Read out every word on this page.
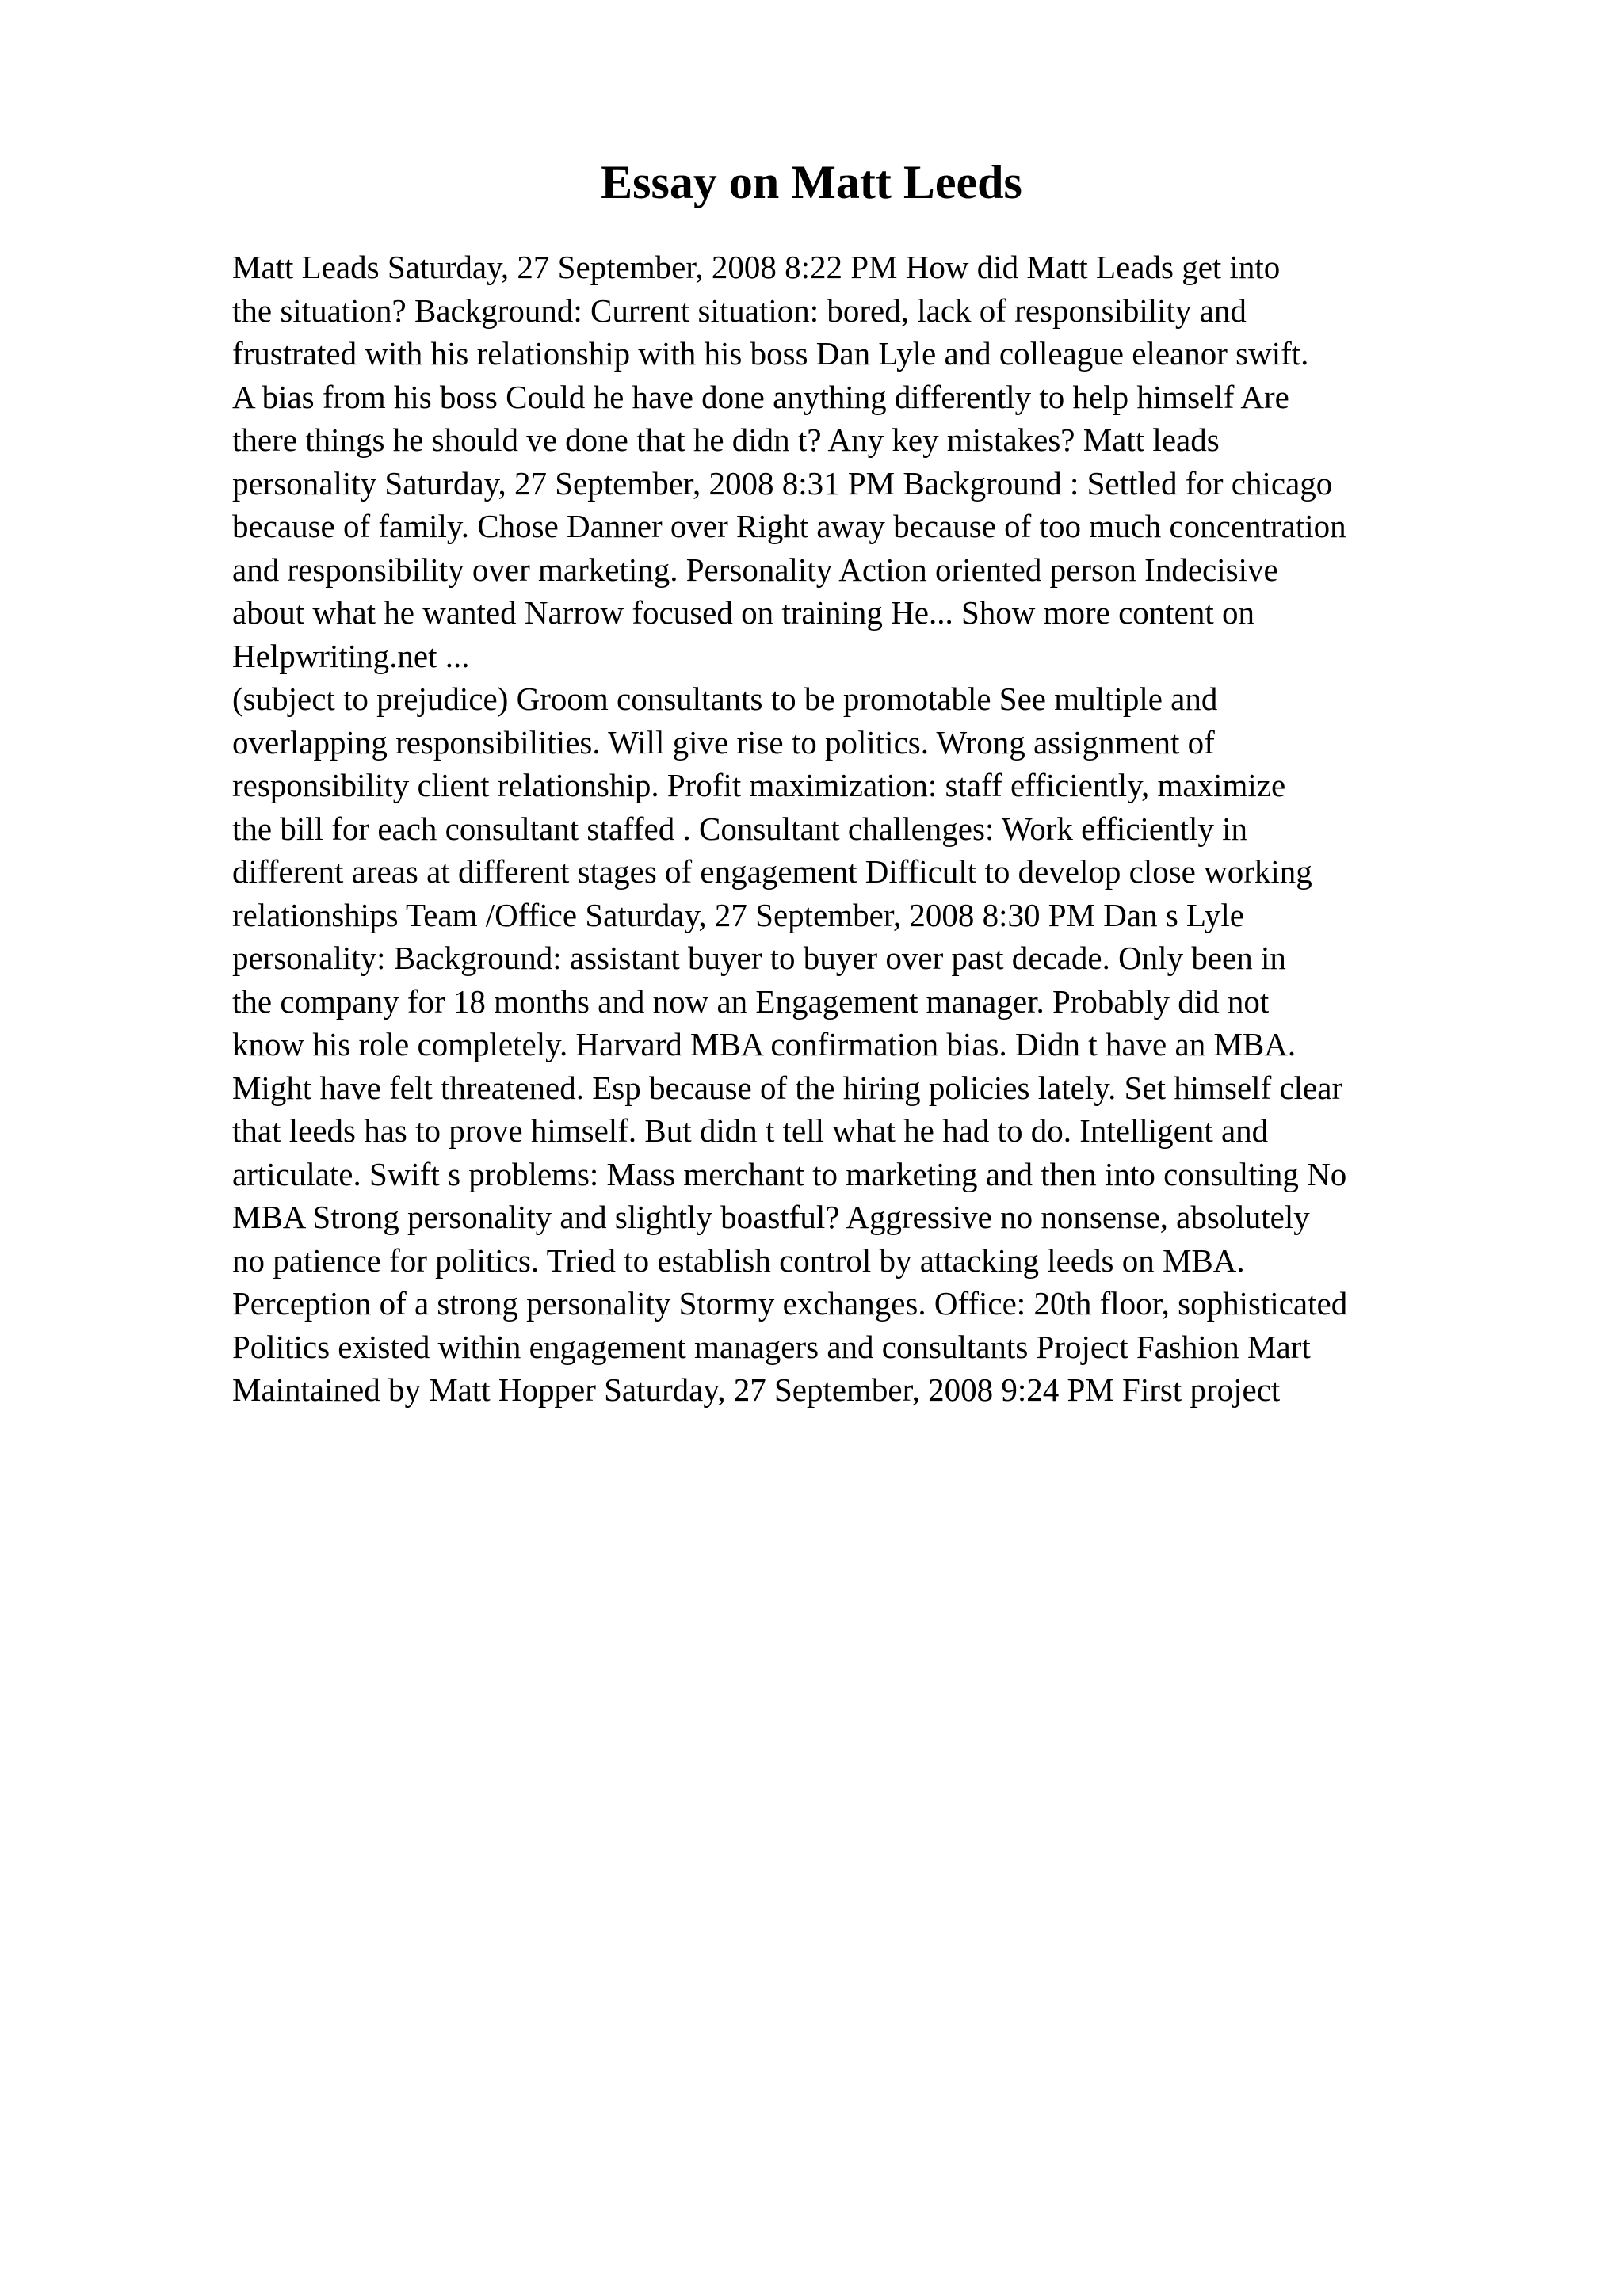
Essay on Matt Leeds
Matt Leads Saturday, 27 September, 2008 8:22 PM How did Matt Leads get into
the situation? Background: Current situation: bored, lack of responsibility and
frustrated with his relationship with his boss Dan Lyle and colleague eleanor swift.
A bias from his boss Could he have done anything differently to help himself Are
there things he should ve done that he didn t? Any key mistakes? Matt leads
personality Saturday, 27 September, 2008 8:31 PM Background : Settled for chicago
because of family. Chose Danner over Right away because of too much concentration
and responsibility over marketing. Personality Action oriented person Indecisive
about what he wanted Narrow focused on training He... Show more content on
Helpwriting.net ...
(subject to prejudice) Groom consultants to be promotable See multiple and
overlapping responsibilities. Will give rise to politics. Wrong assignment of
responsibility client relationship. Profit maximization: staff efficiently, maximize
the bill for each consultant staffed . Consultant challenges: Work efficiently in
different areas at different stages of engagement Difficult to develop close working
relationships Team /Office Saturday, 27 September, 2008 8:30 PM Dan s Lyle
personality: Background: assistant buyer to buyer over past decade. Only been in
the company for 18 months and now an Engagement manager. Probably did not
know his role completely. Harvard MBA confirmation bias. Didn t have an MBA.
Might have felt threatened. Esp because of the hiring policies lately. Set himself clear
that leeds has to prove himself. But didn t tell what he had to do. Intelligent and
articulate. Swift s problems: Mass merchant to marketing and then into consulting No
MBA Strong personality and slightly boastful? Aggressive no nonsense, absolutely
no patience for politics. Tried to establish control by attacking leeds on MBA.
Perception of a strong personality Stormy exchanges. Office: 20th floor, sophisticated
Politics existed within engagement managers and consultants Project Fashion Mart
Maintained by Matt Hopper Saturday, 27 September, 2008 9:24 PM First project
